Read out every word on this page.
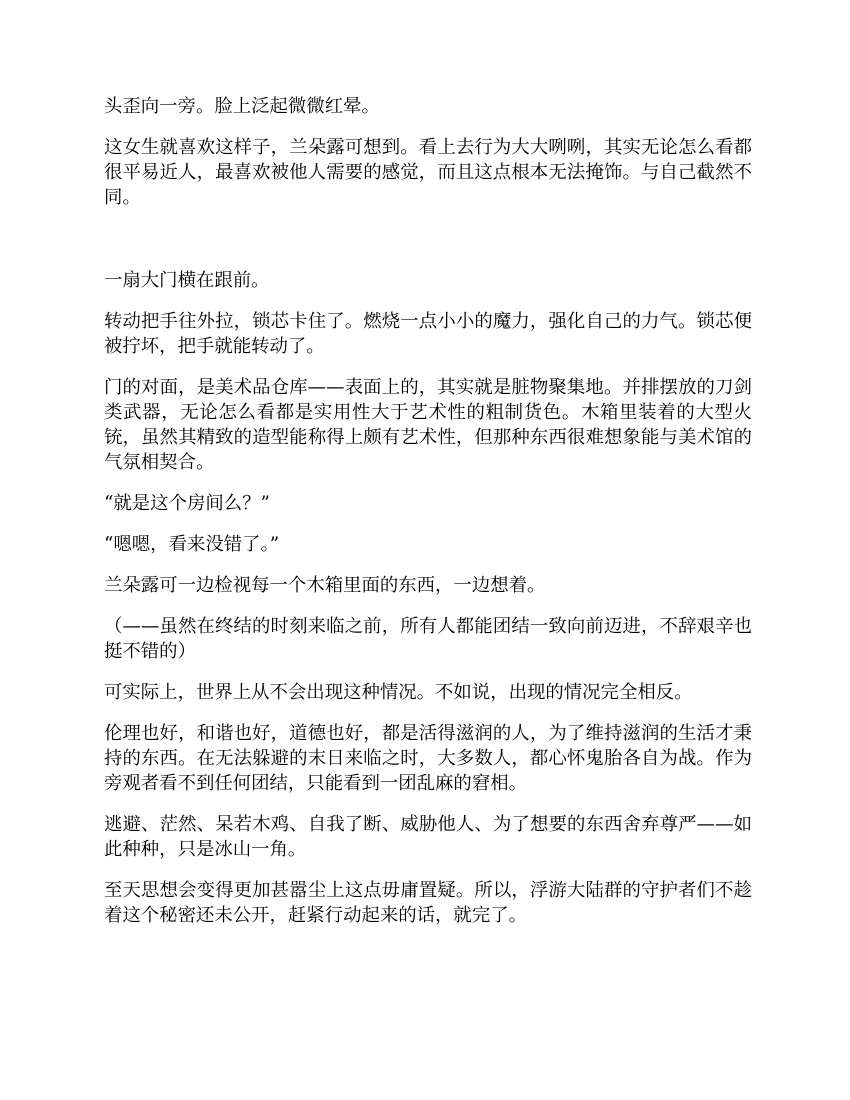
头歪向一旁。脸上泛起微微红晕。

这女生就喜欢这样子，兰朵露可想到。看上去行为大大咧咧，其实无论怎么看都很平易近人，最喜欢被他人需要的感觉，而且这点根本无法掩饰。与自己截然不同。

一扇大门横在跟前。

转动把手往外拉，锁芯卡住了。燃烧一点小小的魔力，强化自己的力气。锁芯便被拧坏，把手就能转动了。

门的对面，是美术品仓库——表面上的，其实就是脏物聚集地。并排摆放的刀剑类武器，无论怎么看都是实用性大于艺术性的粗制货色。木箱里装着的大型火铳，虽然其精致的造型能称得上颇有艺术性，但那种东西很难想象能与美术馆的气氛相契合。

“就是这个房间么？”

“嗯嗯，看来没错了。”

兰朵露可一边检视每一个木箱里面的东西，一边想着。

（——虽然在终结的时刻来临之前，所有人都能团结一致向前迈进，不辞艰辛也挺不错的）

可实际上，世界上从不会出现这种情况。不如说，出现的情况完全相反。

伦理也好，和谐也好，道德也好，都是活得滋润的人，为了维持滋润的生活才秉持的东西。在无法躲避的末日来临之时，大多数人，都心怀鬼胎各自为战。作为旁观者看不到任何团结，只能看到一团乱麻的窘相。

逃避、茫然、呆若木鸡、自我了断、威胁他人、为了想要的东西舍弃尊严——如此种种，只是冰山一角。

至天思想会变得更加甚嚣尘上这点毋庸置疑。所以，浮游大陆群的守护者们不趁着这个秘密还未公开，赶紧行动起来的话，就完了。
